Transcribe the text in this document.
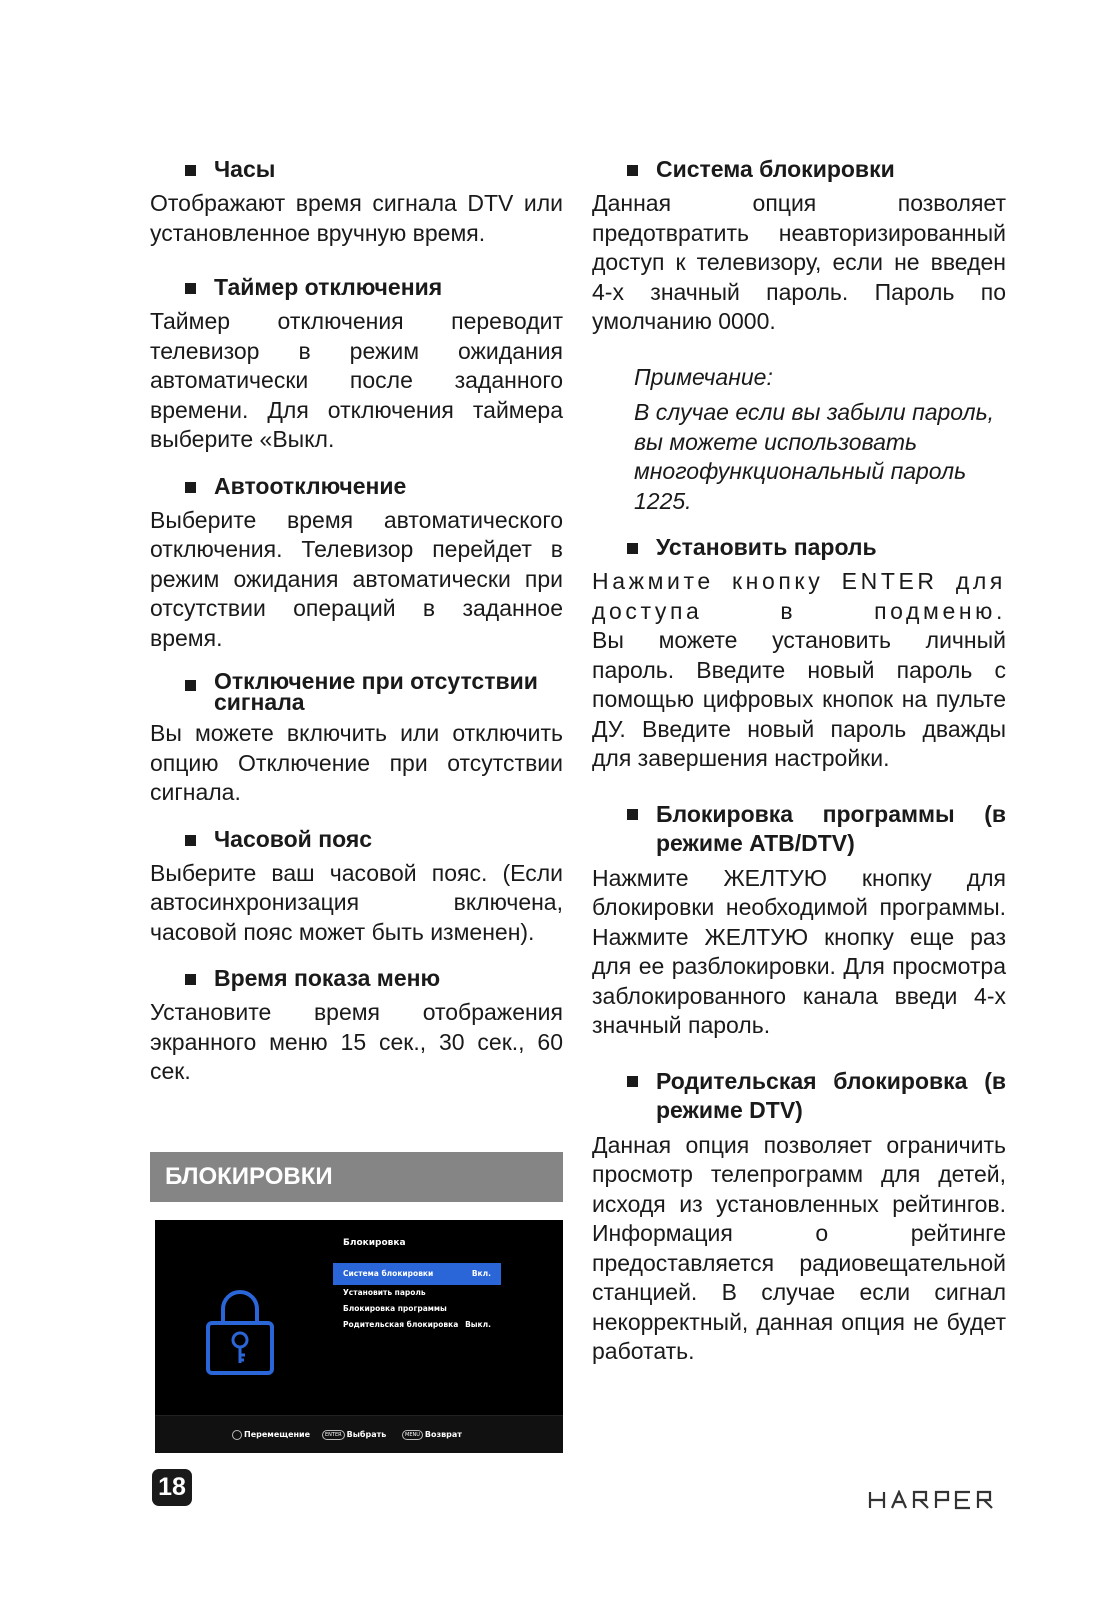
Часы

Отображают время сигнала DTV или установленное вручную время.

Таймер отключения

Таймер отключения переводит телевизор в режим ожидания автоматически после заданного времени. Для отключения таймера выберите «Выкл.

Автоотключение

Выберите время автоматического отключения. Телевизор перейдет в режим ожидания автоматически при отсутствии операций в заданное время.

Отключение при отсутствии сигнала

Вы можете включить или отключить опцию Отключение при отсутствии сигнала.

Часовой пояс

Выберите ваш часовой пояс. (Если автосинхронизация включена, часовой пояс может быть изменен).

Время показа меню

Установите время отображения экранного меню 15 сек., 30 сек., 60 сек.

БЛОКИРОВКИ
Блокировка
Система блокировки	Вкл.
Установить пароль
Блокировка программы
Родительская блокировка Выкл.
Перемещение	ENTER Выбрать	MENU Возврат
Система блокировки

Данная опция позволяет предотвратить неавторизированный доступ к телевизору, если не введен 4-х значный пароль. Пароль по умолчанию 0000.

Примечание:
В случае если вы забыли пароль, вы можете использовать многофункциональный пароль 1225.
Установить пароль

Нажмите кнопку ENTER для доступа в подменю.

Вы можете установить личный пароль. Введите новый пароль с помощью цифровых кнопок на пульте ДУ. Введите новый пароль дважды для завершения настройки.

Блокировка программы (в режиме ATB/DTV)

Нажмите ЖЕЛТУЮ кнопку для блокировки необходимой программы. Нажмите ЖЕЛТУЮ кнопку еще раз для ее разблокировки. Для просмотра заблокированного канала введи 4-х значный пароль.

Родительская блокировка (в режиме DTV)

Данная опция позволяет ограничить просмотр телепрограмм для детей, исходя из установленных рейтингов. Информация о рейтинге предоставляется радиовещательной станцией. В случае если сигнал некорректный, данная опция не будет работать.

18	HARPER
